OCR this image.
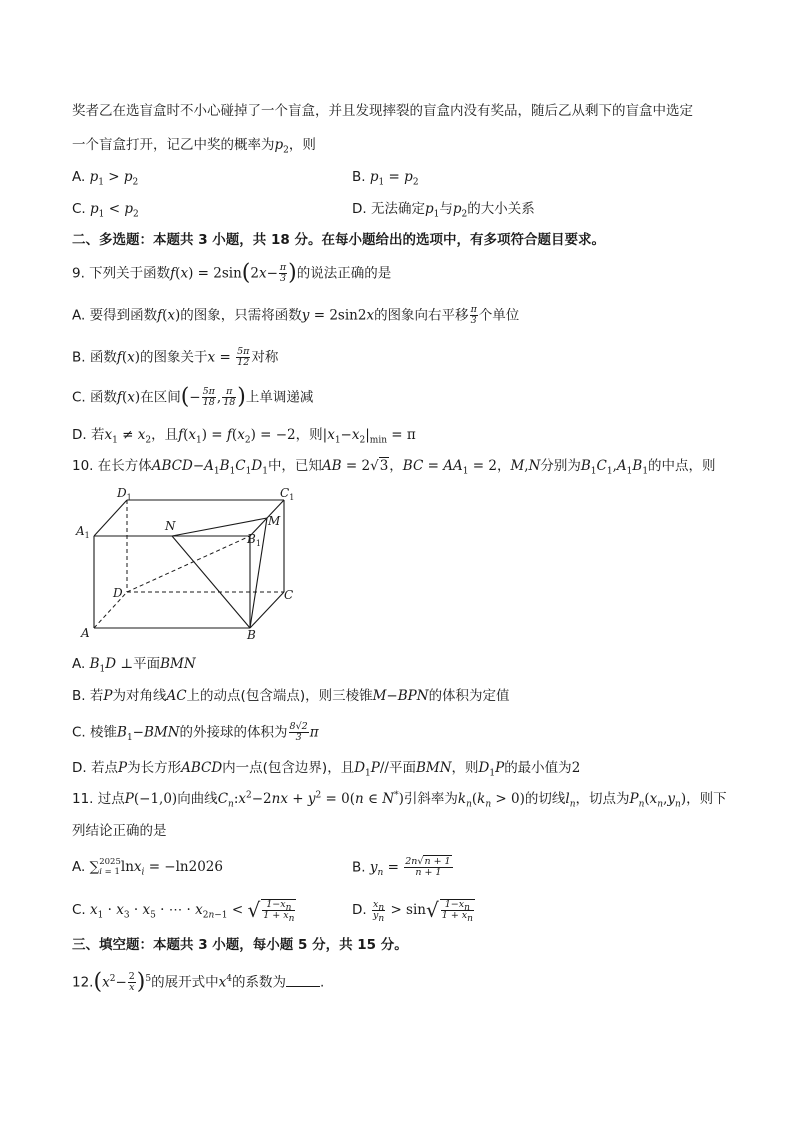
奖者乙在选盲盒时不小心碰掉了一个盲盒，并且发现摔裂的盲盒内没有奖品，随后乙从剩下的盲盒中选定
一个盲盒打开，记乙中奖的概率为$p_2$，则
A. $p_1 > p_2$	B. $p_1 = p_2$
C. $p_1 < p_2$	D. 无法确定$p_1$与$p_2$的大小关系
二、多选题：本题共 3 小题，共 18 分。在每小题给出的选项中，有多项符合题目要求。
9. 下列关于函数$f(x) = 2\sin(2x- \frac{\pi}{3}$ )的说法正确的是
A. 要得到函数f(x)的图象，只需将函数y = 2sin2x的图象向右平移 $\frac{\pi}{3}$ 个单位
B. 函数f(x)的图象关于$x = \frac{5\pi}{12}$ 对称
C. 函数f(x)在区间(− $\frac{5\pi}{18}$ , $\frac{\pi}{18}$ )上单调递减
D. 若$x_1 \ne x_2$，且$f(x_1) = f(x_2) = -2$，则$|x_1-x_2|_{min} = \pi$
10. 在长方体$ABCD-A_1B_1C_1D_1$中，已知AB = 2√3，BC = $AA_1 = 2$，M,N分别为$B_1C_1,A_1B_1$的中点，则
$D_1$	$C_1$
$A_1$	$B_1$
N	M
D	C
A	B
A. $B_1D$ ⊥平面BMN
B. 若P为对角线AC上的动点(包含端点)，则三棱锥M−BPN的体积为定值
C. 棱锥$B_1-BMN$的外接球的体积为 $\frac{8√2}{3}$ π
D. 若点P为长方形ABCD内一点(包含边界)，且$D_1P//$平面BMN，则$D_1P$的最小值为2
11. 过点P(−1,0)向曲线$C_n:x^2-2nx + y^2 = 0(n$ ∈ N*)引斜率为$k_n(k_n > 0)$的切线$l_n$，切点为$P_n(x_n,y_n)$，则下
列结论正确的是
A. ∑ 2025
i = 1 lnx$_i$ = −ln2026	B. $y_n = \frac{2n√n + 1}{n + 1}$
C. $x_1 \cdot x_3 \cdot x_5$ · ⋯ · $x_{2n-1}$ < √ $\frac{1-x_n}{1 + x_n}$	D. $\frac{x_n}{y_n} > \sin√ \frac{1-x_n}{1 + x_n}$
三、填空题：本题共 3 小题，每小题 5 分，共 15 分。
$12.(x^2- \frac{2}{x} )^5$的展开式中$x^4$的系数为	.
